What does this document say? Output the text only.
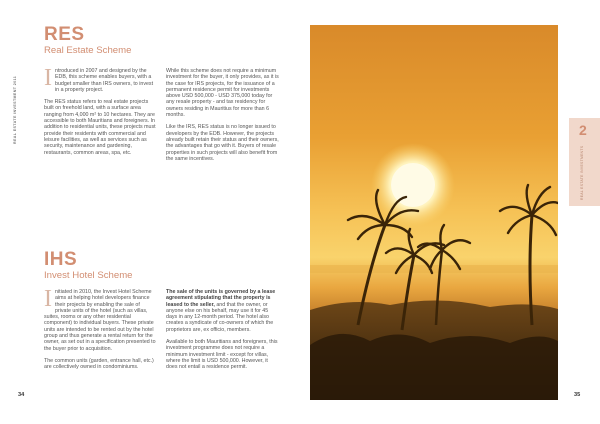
REAL ESTATE INVESTMENT 2011
RES
Real Estate Scheme

Introduced in 2007 and designed by the EDB, this scheme enables buyers, with a budget smaller than IRS owners, to invest in a property project.

The RES status refers to real estate projects built on freehold land, with a surface area ranging from 4,000 m² to 10 hectares. They are accessible to both Mauritians and foreigners. In addition to residential units, these projects must provide their residents with commercial and leisure facilities, as well as services such as security, maintenance and gardening, restaurants, common areas, spa, etc.

While this scheme does not require a minimum investment for the buyer, it only provides, as it is the case for IRS projects, for the issuance of a permanent residence permit for investments above USD 500,000 - USD 375,000 today for any resale property - and tax residency for owners residing in Mauritius for more than 6 months.

Like the IRS, RES status is no longer issued to developers by the EDB. However, the projects already built retain their status and their owners, the advantages that go with it. Buyers of resale properties in such projects will also benefit from the same incentives.

IHS
Invest Hotel Scheme

Initiated in 2010, the Invest Hotel Scheme aims at helping hotel developers finance their projects by enabling the sale of private units of the hotel (such as villas, suites, rooms or any other residential component) to individual buyers. These private units are intended to be rented out by the hotel group and thus generate a rental return for the owner, as set out in a specification presented to the buyer prior to acquisition.

The common units (garden, entrance hall, etc.) are collectively owned in condominiums.

The sale of the units is governed by a lease agreement stipulating that the property is leased to the seller, and that the owner, or anyone else on his behalf, may use it for 45 days in any 12-month period. The hotel also creates a syndicate of co-owners of which the proprietors are, ex officio, members.

Available to both Mauritians and foreigners, this investment programme does not require a minimum investment limit - except for villas, where the limit is USD 500,000. However, it does not entail a residence permit.

2
REAL ESTATE INVESTMENTS
34	35
